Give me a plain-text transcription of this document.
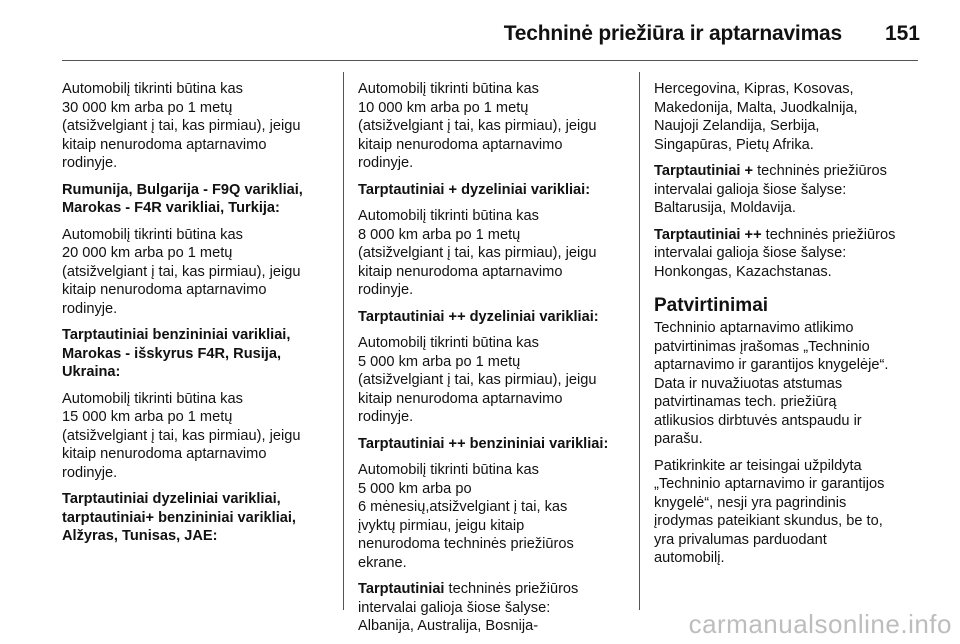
Techninė priežiūra ir aptarnavimas 151

Automobilį tikrinti būtina kas
30 000 km arba po 1 metų
(atsižvelgiant į tai, kas pirmiau), jeigu
kitaip nenurodoma aptarnavimo
rodinyje.

Rumunija, Bulgarija - F9Q varikliai,
Marokas - F4R varikliai, Turkija:

Automobilį tikrinti būtina kas
20 000 km arba po 1 metų
(atsižvelgiant į tai, kas pirmiau), jeigu
kitaip nenurodoma aptarnavimo
rodinyje.

Tarptautiniai benzininiai varikliai,
Marokas - išskyrus F4R, Rusija,
Ukraina:

Automobilį tikrinti būtina kas
15 000 km arba po 1 metų
(atsižvelgiant į tai, kas pirmiau), jeigu
kitaip nenurodoma aptarnavimo
rodinyje.

Tarptautiniai dyzeliniai varikliai,
tarptautiniai+ benzininiai varikliai,
Alžyras, Tunisas, JAE:

Automobilį tikrinti būtina kas
10 000 km arba po 1 metų
(atsižvelgiant į tai, kas pirmiau), jeigu
kitaip nenurodoma aptarnavimo
rodinyje.

Tarptautiniai + dyzeliniai varikliai:

Automobilį tikrinti būtina kas
8 000 km arba po 1 metų
(atsižvelgiant į tai, kas pirmiau), jeigu
kitaip nenurodoma aptarnavimo
rodinyje.

Tarptautiniai ++ dyzeliniai varikliai:

Automobilį tikrinti būtina kas
5 000 km arba po 1 metų
(atsižvelgiant į tai, kas pirmiau), jeigu
kitaip nenurodoma aptarnavimo
rodinyje.

Tarptautiniai ++ benzininiai varikliai:

Automobilį tikrinti būtina kas
5 000 km arba po
6 mėnesių,atsižvelgiant į tai, kas
įvyktų pirmiau, jeigu kitaip
nenurodoma techninės priežiūros
ekrane.

Tarptautiniai techninės priežiūros
intervalai galioja šiose šalyse:
Albanija, Australija, Bosnija-

Hercegovina, Kipras, Kosovas,
Makedonija, Malta, Juodkalnija,
Naujoji Zelandija, Serbija,
Singapūras, Pietų Afrika.

Tarptautiniai + techninės priežiūros
intervalai galioja šiose šalyse:
Baltarusija, Moldavija.

Tarptautiniai ++ techninės priežiūros
intervalai galioja šiose šalyse:
Honkongas, Kazachstanas.

Patvirtinimai

Techninio aptarnavimo atlikimo
patvirtinimas įrašomas „Techninio
aptarnavimo ir garantijos knygelėje“.
Data ir nuvažiuotas atstumas
patvirtinamas tech. priežiūrą
atlikusios dirbtuvės antspaudu ir
parašu.

Patikrinkite ar teisingai užpildyta
„Techninio aptarnavimo ir garantijos
knygelė“, nesji yra pagrindinis
įrodymas pateikiant skundus, be to,
yra privalumas parduodant
automobilį.

carmanualsonline.info
